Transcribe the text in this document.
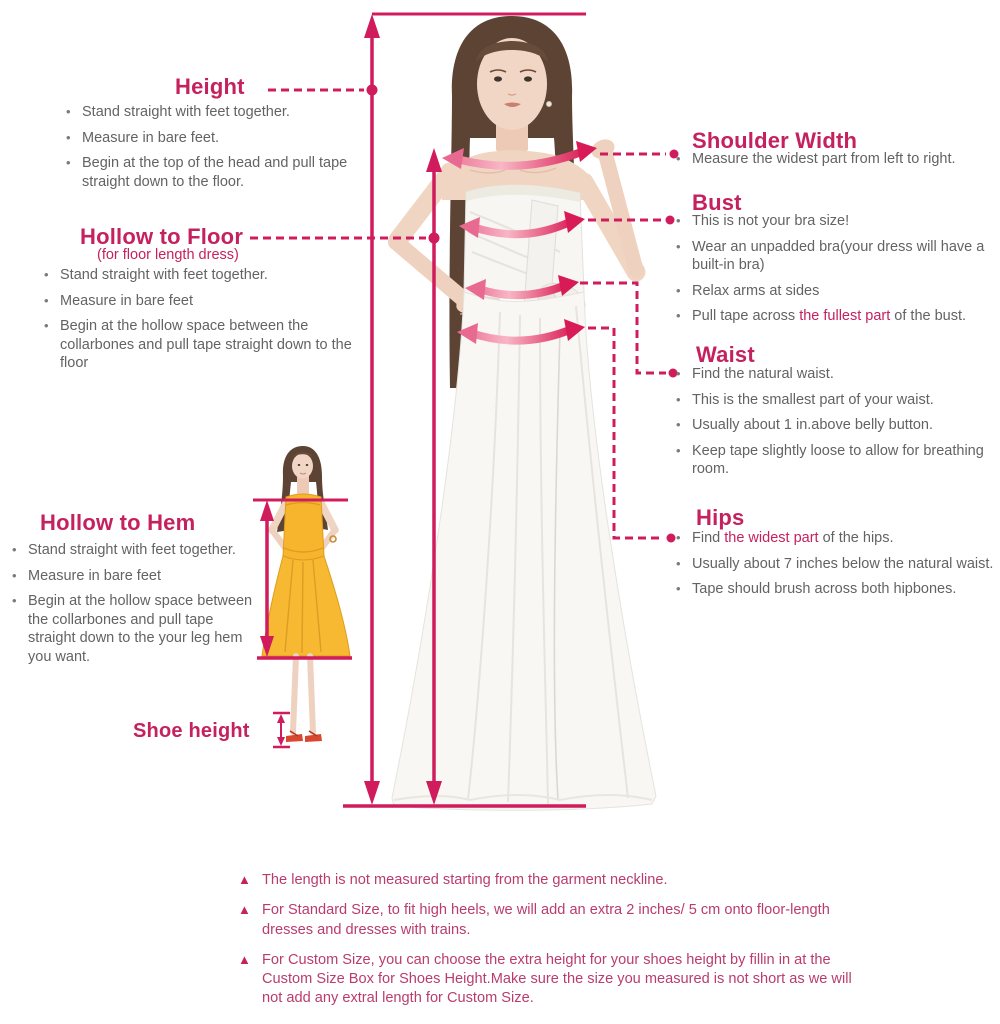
Height
•
Stand straight with feet together.
•
Measure in bare feet.
•
Begin at the top of the head and pull tape straight down to the floor.
Hollow to Floor
(for floor length dress)
•
Stand straight with feet together.
•
Measure in bare feet
•
Begin at the hollow space between the collarbones and pull tape straight down to the floor
Hollow to Hem
•
Stand straight with feet together.
•
Measure in bare feet
•
Begin at the hollow space between the collarbones and pull tape straight down to the your leg hem you want.
Shoe height
Shoulder Width
•
Measure the widest part from left to right.
Bust
•
This is not your bra size!
•
Wear an unpadded bra(your dress will have a built-in bra)
•
Relax arms at sides
•
Pull tape across the fullest part of the bust.
Waist
•
Find the natural waist.
•
This is the smallest part of your waist.
•
Usually about 1 in.above belly button.
•
Keep tape slightly loose to allow for breathing room.
Hips
•
Find the widest part of the hips.
•
Usually about 7 inches below the natural waist.
•
Tape should brush across both hipbones.
▲ The length is not measured starting from the garment neckline.
▲ For Standard Size, to fit high heels, we will add an extra 2 inches/ 5 cm onto floor-length dresses and dresses with trains.
▲ For Custom Size, you can choose the extra height for your shoes height by fillin in at the Custom Size Box for Shoes Height.Make sure the size you measured is not short as we will not add any extral length for Custom Size.
